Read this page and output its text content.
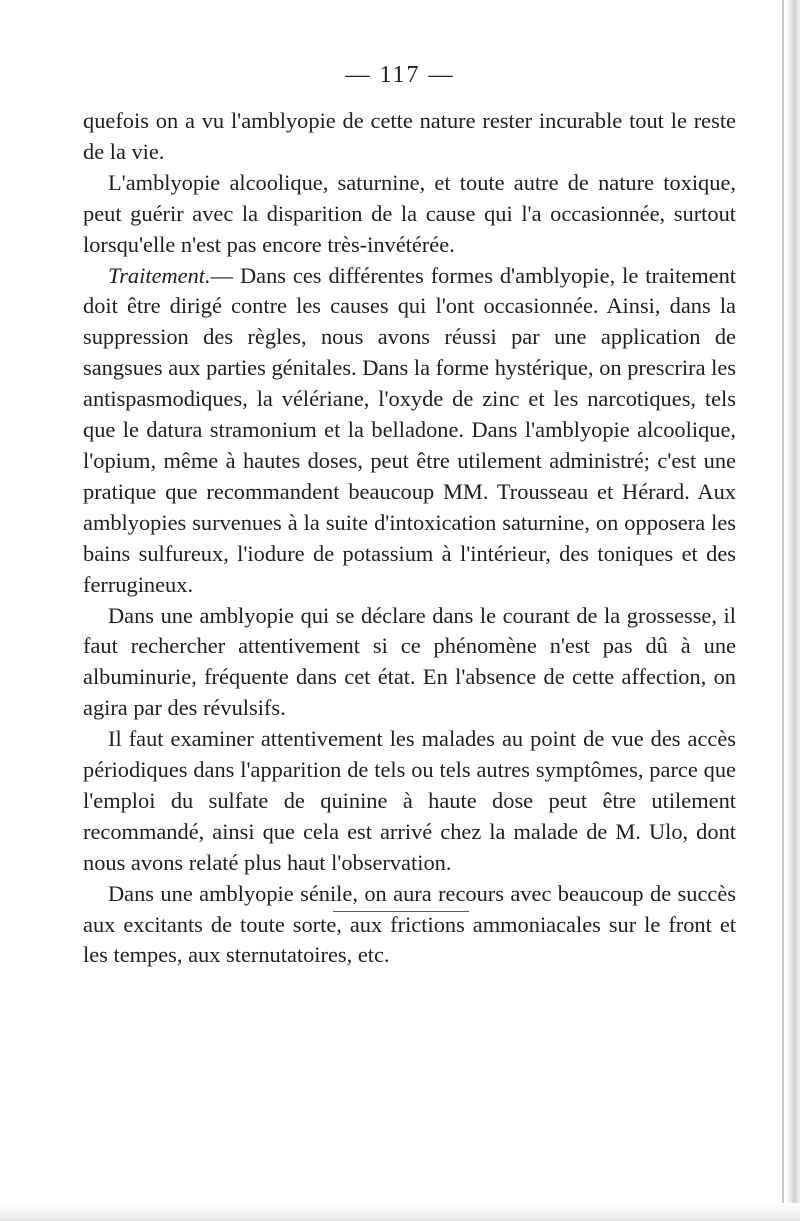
— 117 —

quefois on a vu l'amblyopie de cette nature rester incurable tout le reste de la vie.

L'amblyopie alcoolique, saturnine, et toute autre de nature toxique, peut guérir avec la disparition de la cause qui l'a occasionnée, surtout lorsqu'elle n'est pas encore très-invétérée.

Traitement.— Dans ces différentes formes d'amblyopie, le traitement doit être dirigé contre les causes qui l'ont occasionnée. Ainsi, dans la suppression des règles, nous avons réussi par une application de sangsues aux parties génitales. Dans la forme hystérique, on prescrira les antispasmodiques, la vélériane, l'oxyde de zinc et les narcotiques, tels que le datura stramonium et la belladone. Dans l'amblyopie alcoolique, l'opium, même à hautes doses, peut être utilement administré; c'est une pratique que recommandent beaucoup MM. Trousseau et Hérard. Aux amblyopies survenues à la suite d'intoxication saturnine, on opposera les bains sulfureux, l'iodure de potassium à l'intérieur, des toniques et des ferrugineux.

Dans une amblyopie qui se déclare dans le courant de la grossesse, il faut rechercher attentivement si ce phénomène n'est pas dû à une albuminurie, fréquente dans cet état. En l'absence de cette affection, on agira par des révulsifs.

Il faut examiner attentivement les malades au point de vue des accès périodiques dans l'apparition de tels ou tels autres symptômes, parce que l'emploi du sulfate de quinine à haute dose peut être utilement recommandé, ainsi que cela est arrivé chez la malade de M. Ulo, dont nous avons relaté plus haut l'observation.

Dans une amblyopie sénile, on aura recours avec beaucoup de succès aux excitants de toute sorte, aux frictions ammoniacales sur le front et les tempes, aux sternutatoires, etc.
